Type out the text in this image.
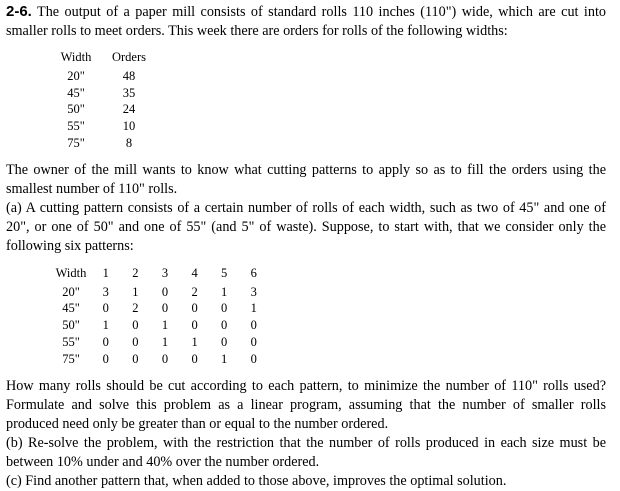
2-6. The output of a paper mill consists of standard rolls 110 inches (110") wide, which are cut into smaller rolls to meet orders. This week there are orders for rolls of the following widths:

Width	Orders
20"	48
45"	35
50"	24
55"	10
75"	8

The owner of the mill wants to know what cutting patterns to apply so as to fill the orders using the smallest number of 110" rolls.

(a) A cutting pattern consists of a certain number of rolls of each width, such as two of 45" and one of 20", or one of 50" and one of 55" (and 5" of waste). Suppose, to start with, that we consider only the following six patterns:

Width	1	2	3	4	5	6
20"	3	1	0	2	1	3
45"	0	2	0	0	0	1
50"	1	0	1	0	0	0
55"	0	0	1	1	0	0
75"	0	0	0	0	1	0

How many rolls should be cut according to each pattern, to minimize the number of 110" rolls used? Formulate and solve this problem as a linear program, assuming that the number of smaller rolls produced need only be greater than or equal to the number ordered.

(b) Re-solve the problem, with the restriction that the number of rolls produced in each size must be between 10% under and 40% over the number ordered.

(c) Find another pattern that, when added to those above, improves the optimal solution.
